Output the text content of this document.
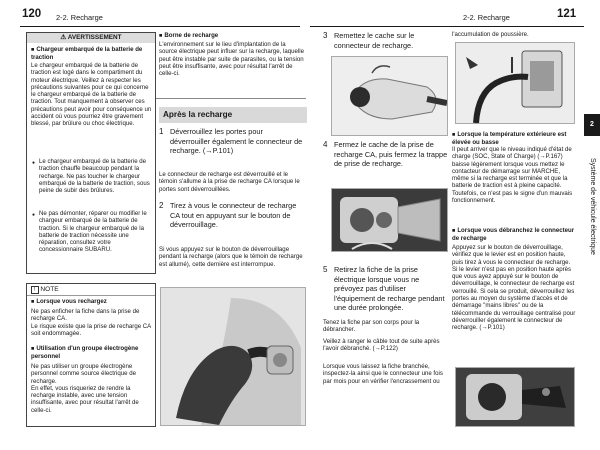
120 2-2. Recharge	2-2. Recharge	121
2
Système de véhicule électrique
⚠ AVERTISSEMENT
■ Chargeur embarqué de la batterie de traction
Le chargeur embarqué de la batterie de traction est logé dans le compartiment du moteur électrique. Veillez à respecter les précautions suivantes pour ce qui concerne le chargeur embarqué de la batterie de traction. Tout manquement à observer ces précautions peut avoir pour conséquence un accident où vous pourriez être gravement blessé, par brûlure ou choc électrique.
● Le chargeur embarqué de la batterie de traction chauffe beaucoup pendant la recharge. Ne pas toucher le chargeur embarqué de la batterie de traction, sous peine de subir des brûlures.
● Ne pas démonter, réparer ou modifier le chargeur embarqué de la batterie de traction. Si le chargeur embarqué de la batterie de traction nécessite une réparation, consultez votre concessionnaire SUBARU.
! NOTE
■ Lorsque vous rechargez
Ne pas enficher la fiche dans la prise de recharge CA.
Le risque existe que la prise de recharge CA soit endommagée.
■ Utilisation d'un groupe électrogène personnel
Ne pas utiliser un groupe électrogène personnel comme source électrique de recharge.
En effet, vous risqueriez de rendre la recharge instable, avec une tension insuffisante, avec pour résultat l'arrêt de celle-ci.
■ Borne de recharge
L'environnement sur le lieu d'implantation de la source électrique peut influer sur la recharge, laquelle peut être instable par suite de parasites, ou la tension peut être insuffisante, avec pour résultat l'arrêt de celle-ci.
Après la recharge
1 Déverrouillez les portes pour déverrouiller également le connecteur de recharge. (→P.101)
Le connecteur de recharge est déverrouillé et le témoin s'allume à la prise de recharge CA lorsque le portes sont déverrouillées.
2 Tirez à vous le connecteur de recharge CA tout en appuyant sur le bouton de déverrouillage.
Si vous appuyez sur le bouton de déverrouillage pendant la recharge (alors que le témoin de recharge est allumé), cette dernière est interrompue.
3 Remettez le cache sur le connecteur de recharge.
4 Fermez le cache de la prise de recharge CA, puis fermez la trappe de prise de recharge.
5 Retirez la fiche de la prise électrique lorsque vous ne prévoyez pas d'utiliser l'équipement de recharge pendant une durée prolongée.
Tenez la fiche par son corps pour la débrancher.
Veillez à ranger le câble tout de suite après l'avoir débranché. (→P.122)
Lorsque vous laissez la fiche branchée, inspectez-la ainsi que le connecteur une fois par mois pour en vérifier l'encrassement ou
l'accumulation de poussière.
■ Lorsque la température extérieure est élevée ou basse
Il peut arriver que le niveau indiqué d'état de charge (SOC, State of Charge) (→P.167) baisse légèrement lorsque vous mettez le contacteur de démarrage sur MARCHE, même si la recharge est terminée et que la batterie de traction est à pleine capacité. Toutefois, ce n'est pas le signe d'un mauvais fonctionnement.
■ Lorsque vous débranchez le connecteur de recharge
Appuyez sur le bouton de déverrouillage, vérifiez que le levier est en position haute, puis tirez à vous le connecteur de recharge.
Si le levier n'est pas en position haute après que vous ayez appuyé sur le bouton de déverrouillage, le connecteur de recharge est verrouillé. Si cela se produit, déverrouillez les portes au moyen du système d'accès et de démarrage "mains libres" ou de la télécommande du verrouillage centralisé pour déverrouiller également le connecteur de recharge. (→P.101)
